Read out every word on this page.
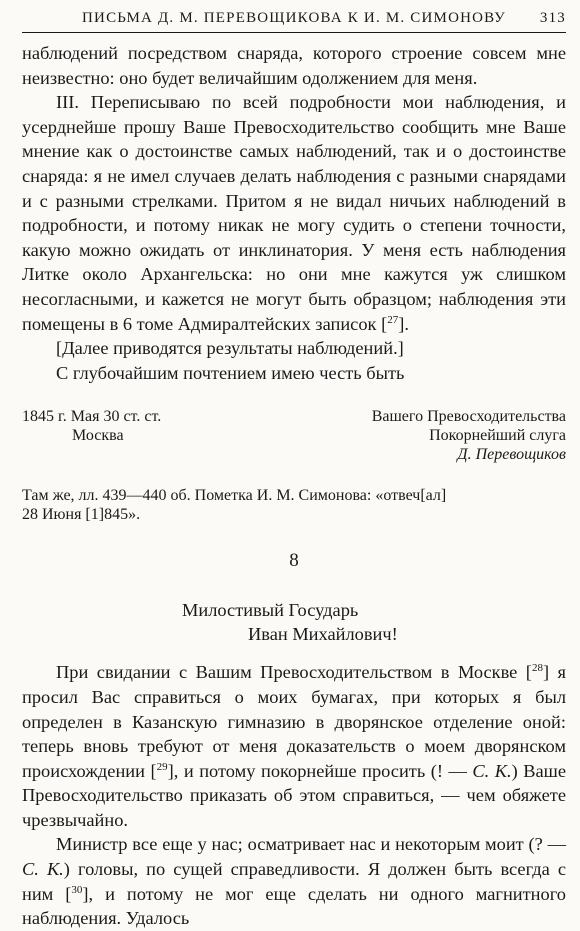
ПИСЬМА Д. М. ПЕРЕВОЩИКОВА К И. М. СИМОНОВУ 313

наблюдений посредством снаряда, которого строение совсем мне неизвестно: оно будет величайшим одолжением для меня.

III. Переписываю по всей подробности мои наблюдения, и усерднейше прошу Ваше Превосходительство сообщить мне Ваше мнение как о достоинстве самых наблюдений, так и о достоинстве снаряда: я не имел случаев делать наблюдения с разными снарядами и с разными стрелками. Притом я не видал ничьих наблюдений в подробности, и потому никак не могу судить о степени точности, какую можно ожидать от инклинатория. У меня есть наблюдения Литке около Архангельска: но они мне кажутся уж слишком несогласными, и кажется не могут быть образцом; наблюдения эти помещены в 6 томе Адмиралтейских записок [$^{27}$].

[Далее приводятся результаты наблюдений.]

С глубочайшим почтением имею честь быть

1845 г. Мая 30 ст. ст.
Москва
Вашего Превосходительства
Покорнейший слуга
Д. Перевощиков
Там же, лл. 439—440 об. Пометка И. М. Симонова: «отвеч[ал]
28 Июня [1]845».
8
Милостивый Государь
Иван Михайлович!

При свидании с Вашим Превосходительством в Москве [$^{28}$] я просил Вас справиться о моих бумагах, при которых я был определен в Казанскую гимназию в дворянское отделение оной: теперь вновь требуют от меня доказательств о моем дворянском происхождении [$^{29}$], и потому покорнейше просить (! — С. К.) Ваше Превосходительство приказать об этом справиться, — чем обяжете чрезвычайно.

Министр все еще у нас; осматривает нас и некоторым моит (? — С. К.) головы, по сущей справедливости. Я должен быть всегда с ним [$^{30}$], и потому не мог еще сделать ни одного магнитного наблюдения. Удалось
